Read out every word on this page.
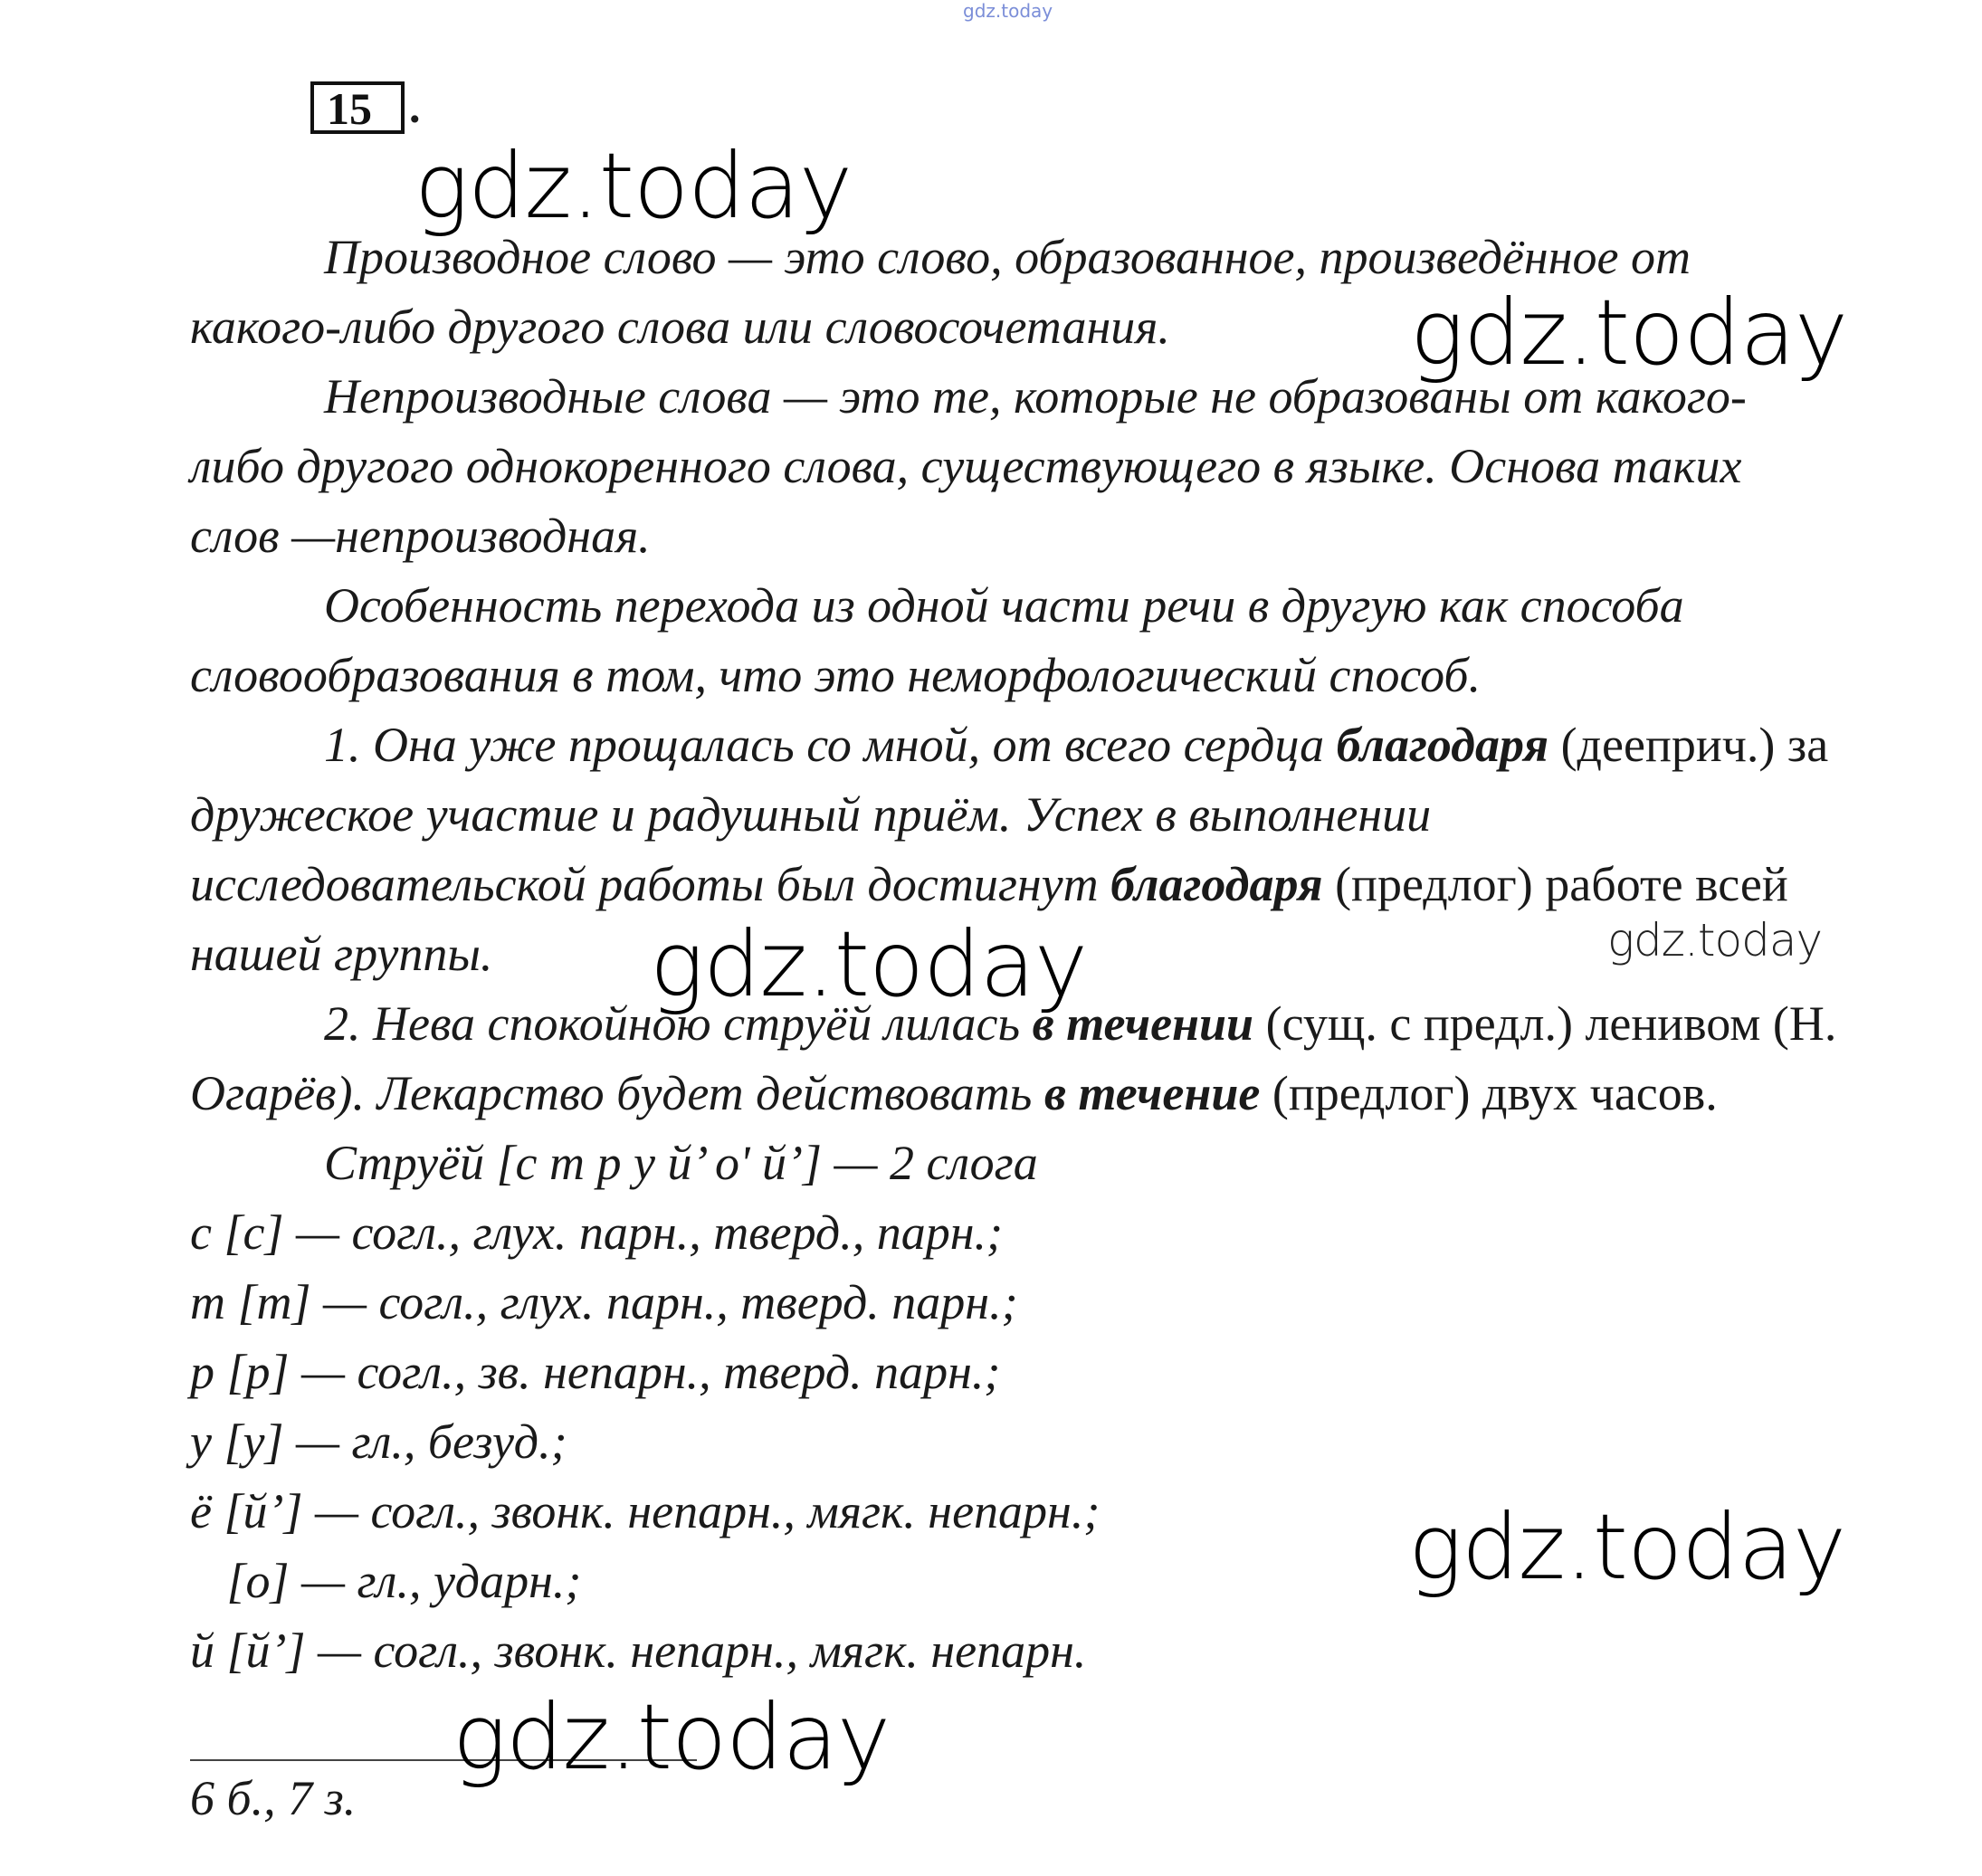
gdz.today
15 .
Производное слово — это слово, образованное, произведённое от
какого-либо другого слова или словосочетания.
Непроизводные слова — это те, которые не образованы от какого-
либо другого однокоренного слова, существующего в языке. Основа таких
слов —непроизводная.
Особенность перехода из одной части речи в другую как способа
словообразования в том, что это неморфологический способ.
1. Она уже прощалась со мной, от всего сердца благодаря (дееприч.) за
дружеское участие и радушный приём. Успех в выполнении
исследовательской работы был достигнут благодаря (предлог) работе всей
нашей группы.
2. Нева спокойною струёй лилась в течении (сущ. с предл.) ленивом (Н.
Огарёв). Лекарство будет действовать в течение (предлог) двух часов.
Струёй [с т р у й’ о' й’] — 2 слога
с [с] — согл., глух. парн., тверд., парн.;
т [т] — согл., глух. парн., тверд. парн.;
р [р] — согл., зв. непарн., тверд. парн.;
у [у] — гл., безуд.;
ё [й’] — согл., звонк. непарн., мягк. непарн.;
[о] — гл., ударн.;
й [й’] — согл., звонк. непарн., мягк. непарн.
6 б., 7 з.
gdz.today
gdz.today
gdz.today	gdz.today
gdz.today
gdz.today
